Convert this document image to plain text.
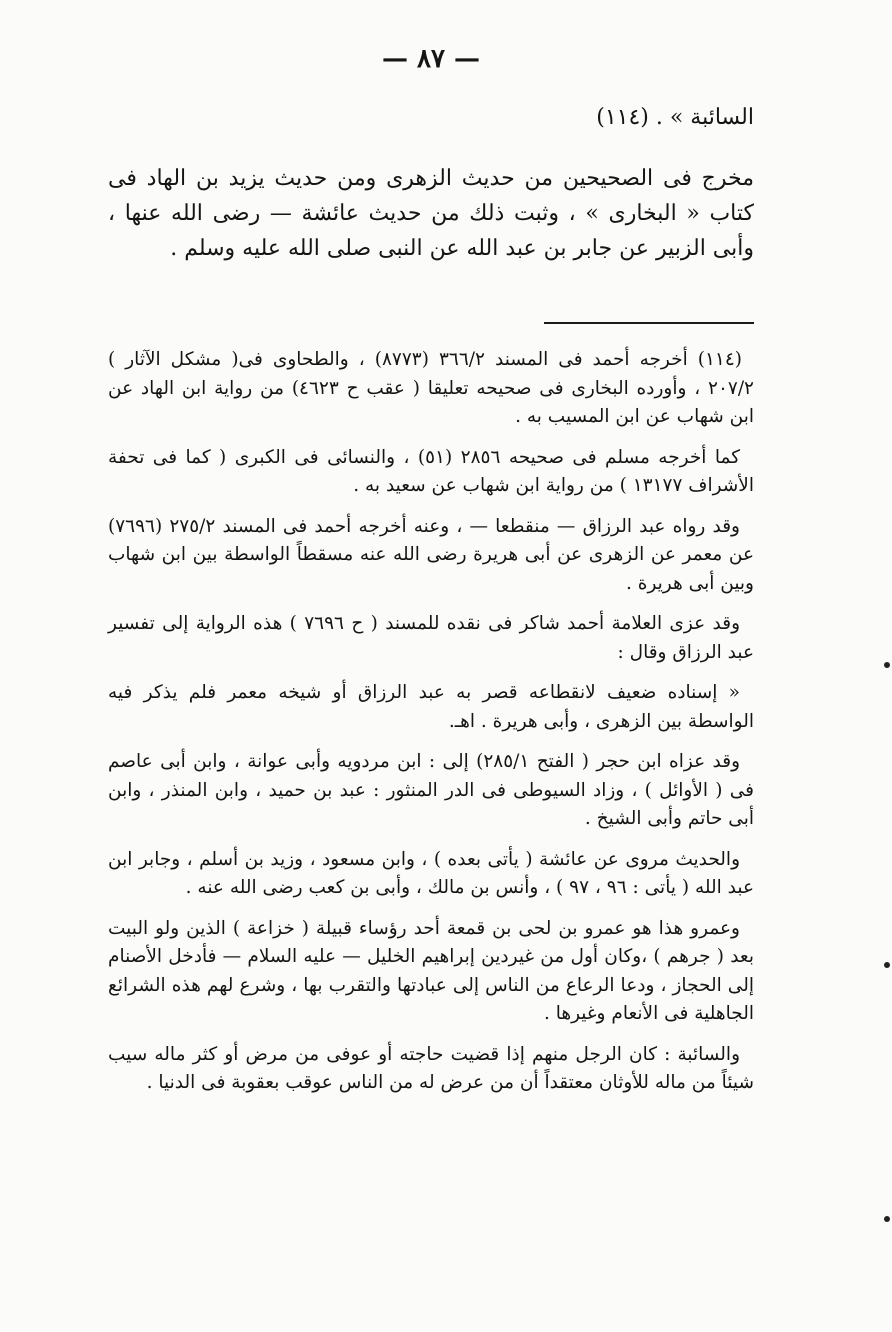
— ٨٧ —

السائبة » . (١١٤)

مخرج فى الصحيحين من حديث الزهرى ومن حديث يزيد بن الهاد فى كتاب « البخارى » ، وثبت ذلك من حديث عائشة — رضى الله عنها ، وأبى الزبير عن جابر بن عبد الله عن النبى صلى الله عليه وسلم .

(١١٤) أخرجه أحمد فى المسند ٣٦٦/٢ (٨٧٧٣) ، والطحاوى فى( مشكل الآثار ) ٢٠٧/٢ ، وأورده البخارى فى صحيحه تعليقا ( عقب ح ٤٦٢٣) من رواية ابن الهاد عن ابن شهاب عن ابن المسيب به .

كما أخرجه مسلم فى صحيحه ٢٨٥٦ (٥١) ، والنسائى فى الكبرى ( كما فى تحفة الأشراف ١٣١٧٧ ) من رواية ابن شهاب عن سعيد به .

وقد رواه عبد الرزاق — منقطعا — ، وعنه أخرجه أحمد فى المسند ٢٧٥/٢ (٧٦٩٦) عن معمر عن الزهرى عن أبى هريرة رضى الله عنه مسقطاً الواسطة بين ابن شهاب وبين أبى هريرة .

وقد عزى العلامة أحمد شاكر فى نقده للمسند ( ح ٧٦٩٦ ) هذه الرواية إلى تفسير عبد الرزاق وقال :

« إسناده ضعيف لانقطاعه قصر به عبد الرزاق أو شيخه معمر فلم يذكر فيه الواسطة بين الزهرى ، وأبى هريرة . اهـ.

وقد عزاه ابن حجر ( الفتح ٢٨٥/١) إلى : ابن مردويه وأبى عوانة ، وابن أبى عاصم فى ( الأوائل ) ، وزاد السيوطى فى الدر المنثور : عبد بن حميد ، وابن المنذر ، وابن أبى حاتم وأبى الشيخ .

والحديث مروى عن عائشة ( يأتى بعده ) ، وابن مسعود ، وزيد بن أسلم ، وجابر ابن عبد الله ( يأتى : ٩٦ ، ٩٧ ) ، وأنس بن مالك ، وأبى بن كعب رضى الله عنه .

وعمرو هذا هو عمرو بن لحى بن قمعة أحد رؤساء قبيلة ( خزاعة ) الذين ولو البيت بعد ( جرهم ) ،وكان أول من غيردين إبراهيم الخليل — عليه السلام — فأدخل الأصنام إلى الحجاز ، ودعا الرعاع من الناس إلى عبادتها والتقرب بها ، وشرع لهم هذه الشرائع الجاهلية فى الأنعام وغيرها .

والسائبة : كان الرجل منهم إذا قضيت حاجته أو عوفى من مرض أو كثر ماله سيب شيئاً من ماله للأوثان معتقداً أن من عرض له من الناس عوقب بعقوبة فى الدنيا .
